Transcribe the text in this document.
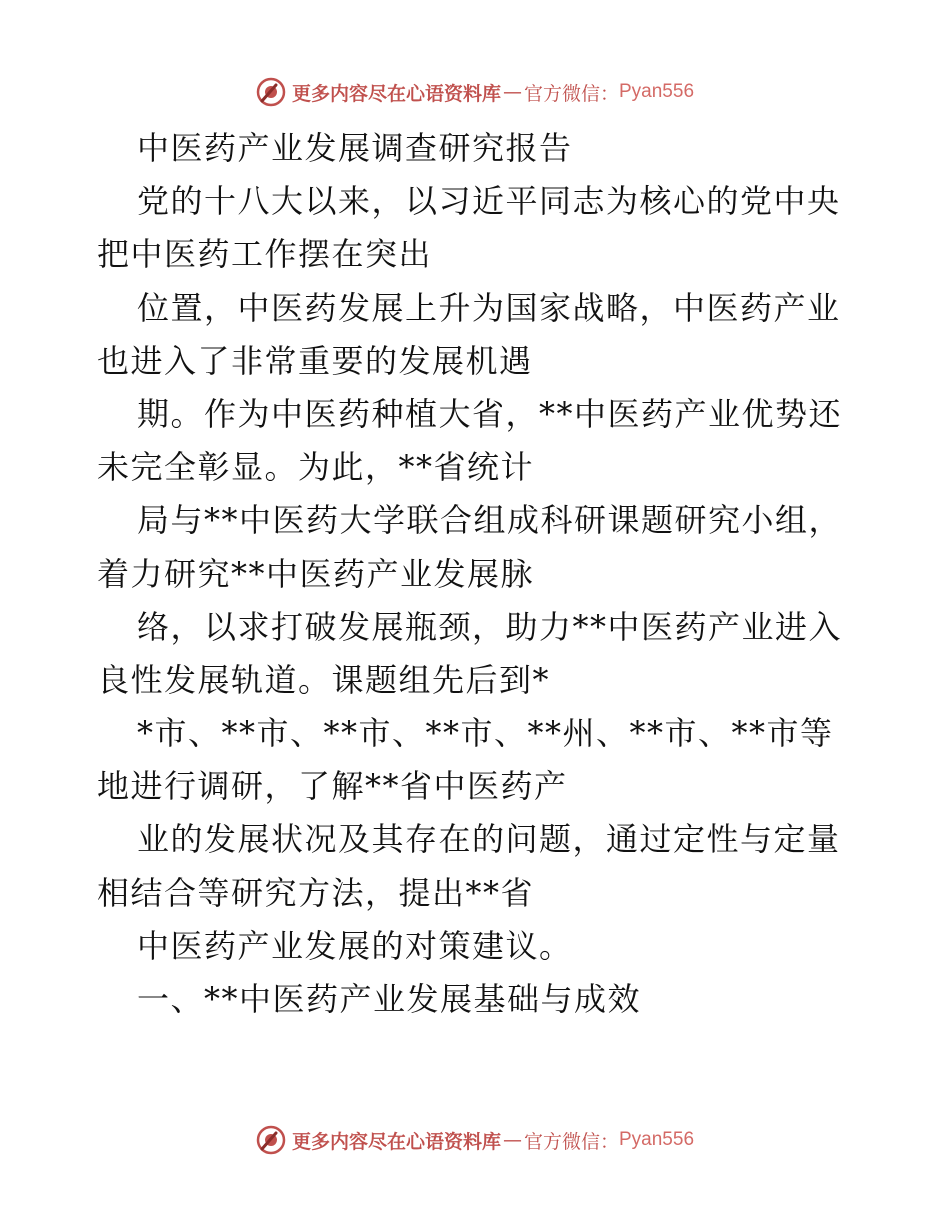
更多内容尽在心语资料库 — 官方微信： Pyan556
中医药产业发展调查研究报告
党的十八大以来，以习近平同志为核心的党中央
把中医药工作摆在突出
位置，中医药发展上升为国家战略，中医药产业
也进入了非常重要的发展机遇
期。作为中医药种植大省，**中医药产业优势还
未完全彰显。为此，**省统计
局与**中医药大学联合组成科研课题研究小组，
着力研究**中医药产业发展脉
络，以求打破发展瓶颈，助力**中医药产业进入
良性发展轨道。课题组先后到*
*市、**市、**市、**市、**州、**市、**市等
地进行调研，了解**省中医药产
业的发展状况及其存在的问题，通过定性与定量
相结合等研究方法，提出**省
中医药产业发展的对策建议。
一、**中医药产业发展基础与成效
更多内容尽在心语资料库 — 官方微信： Pyan556
